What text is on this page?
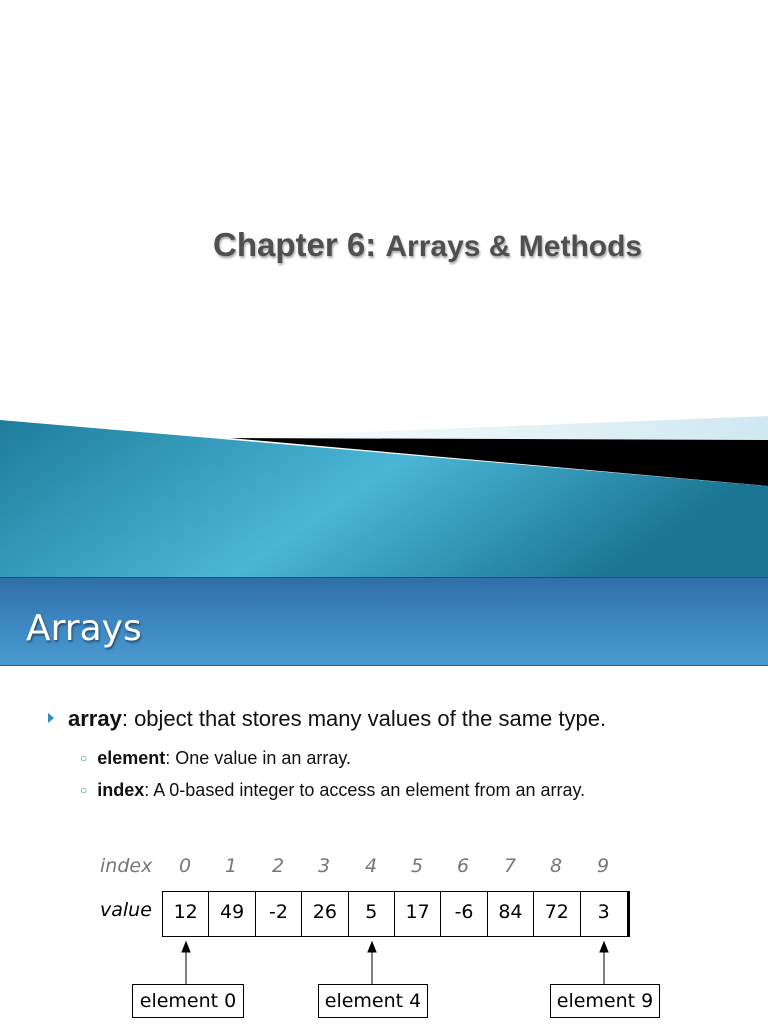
Chapter 6: Arrays & Methods
Arrays
array: object that stores many values of the same type.
○ element: One value in an array.
○ index: A 0-based integer to access an element from an array.
index
value
0	1	2	3	4	5	6	7	8	9
12	49	-2	26	5	17	-6	84	72	3
element 0	element 4	element 9
